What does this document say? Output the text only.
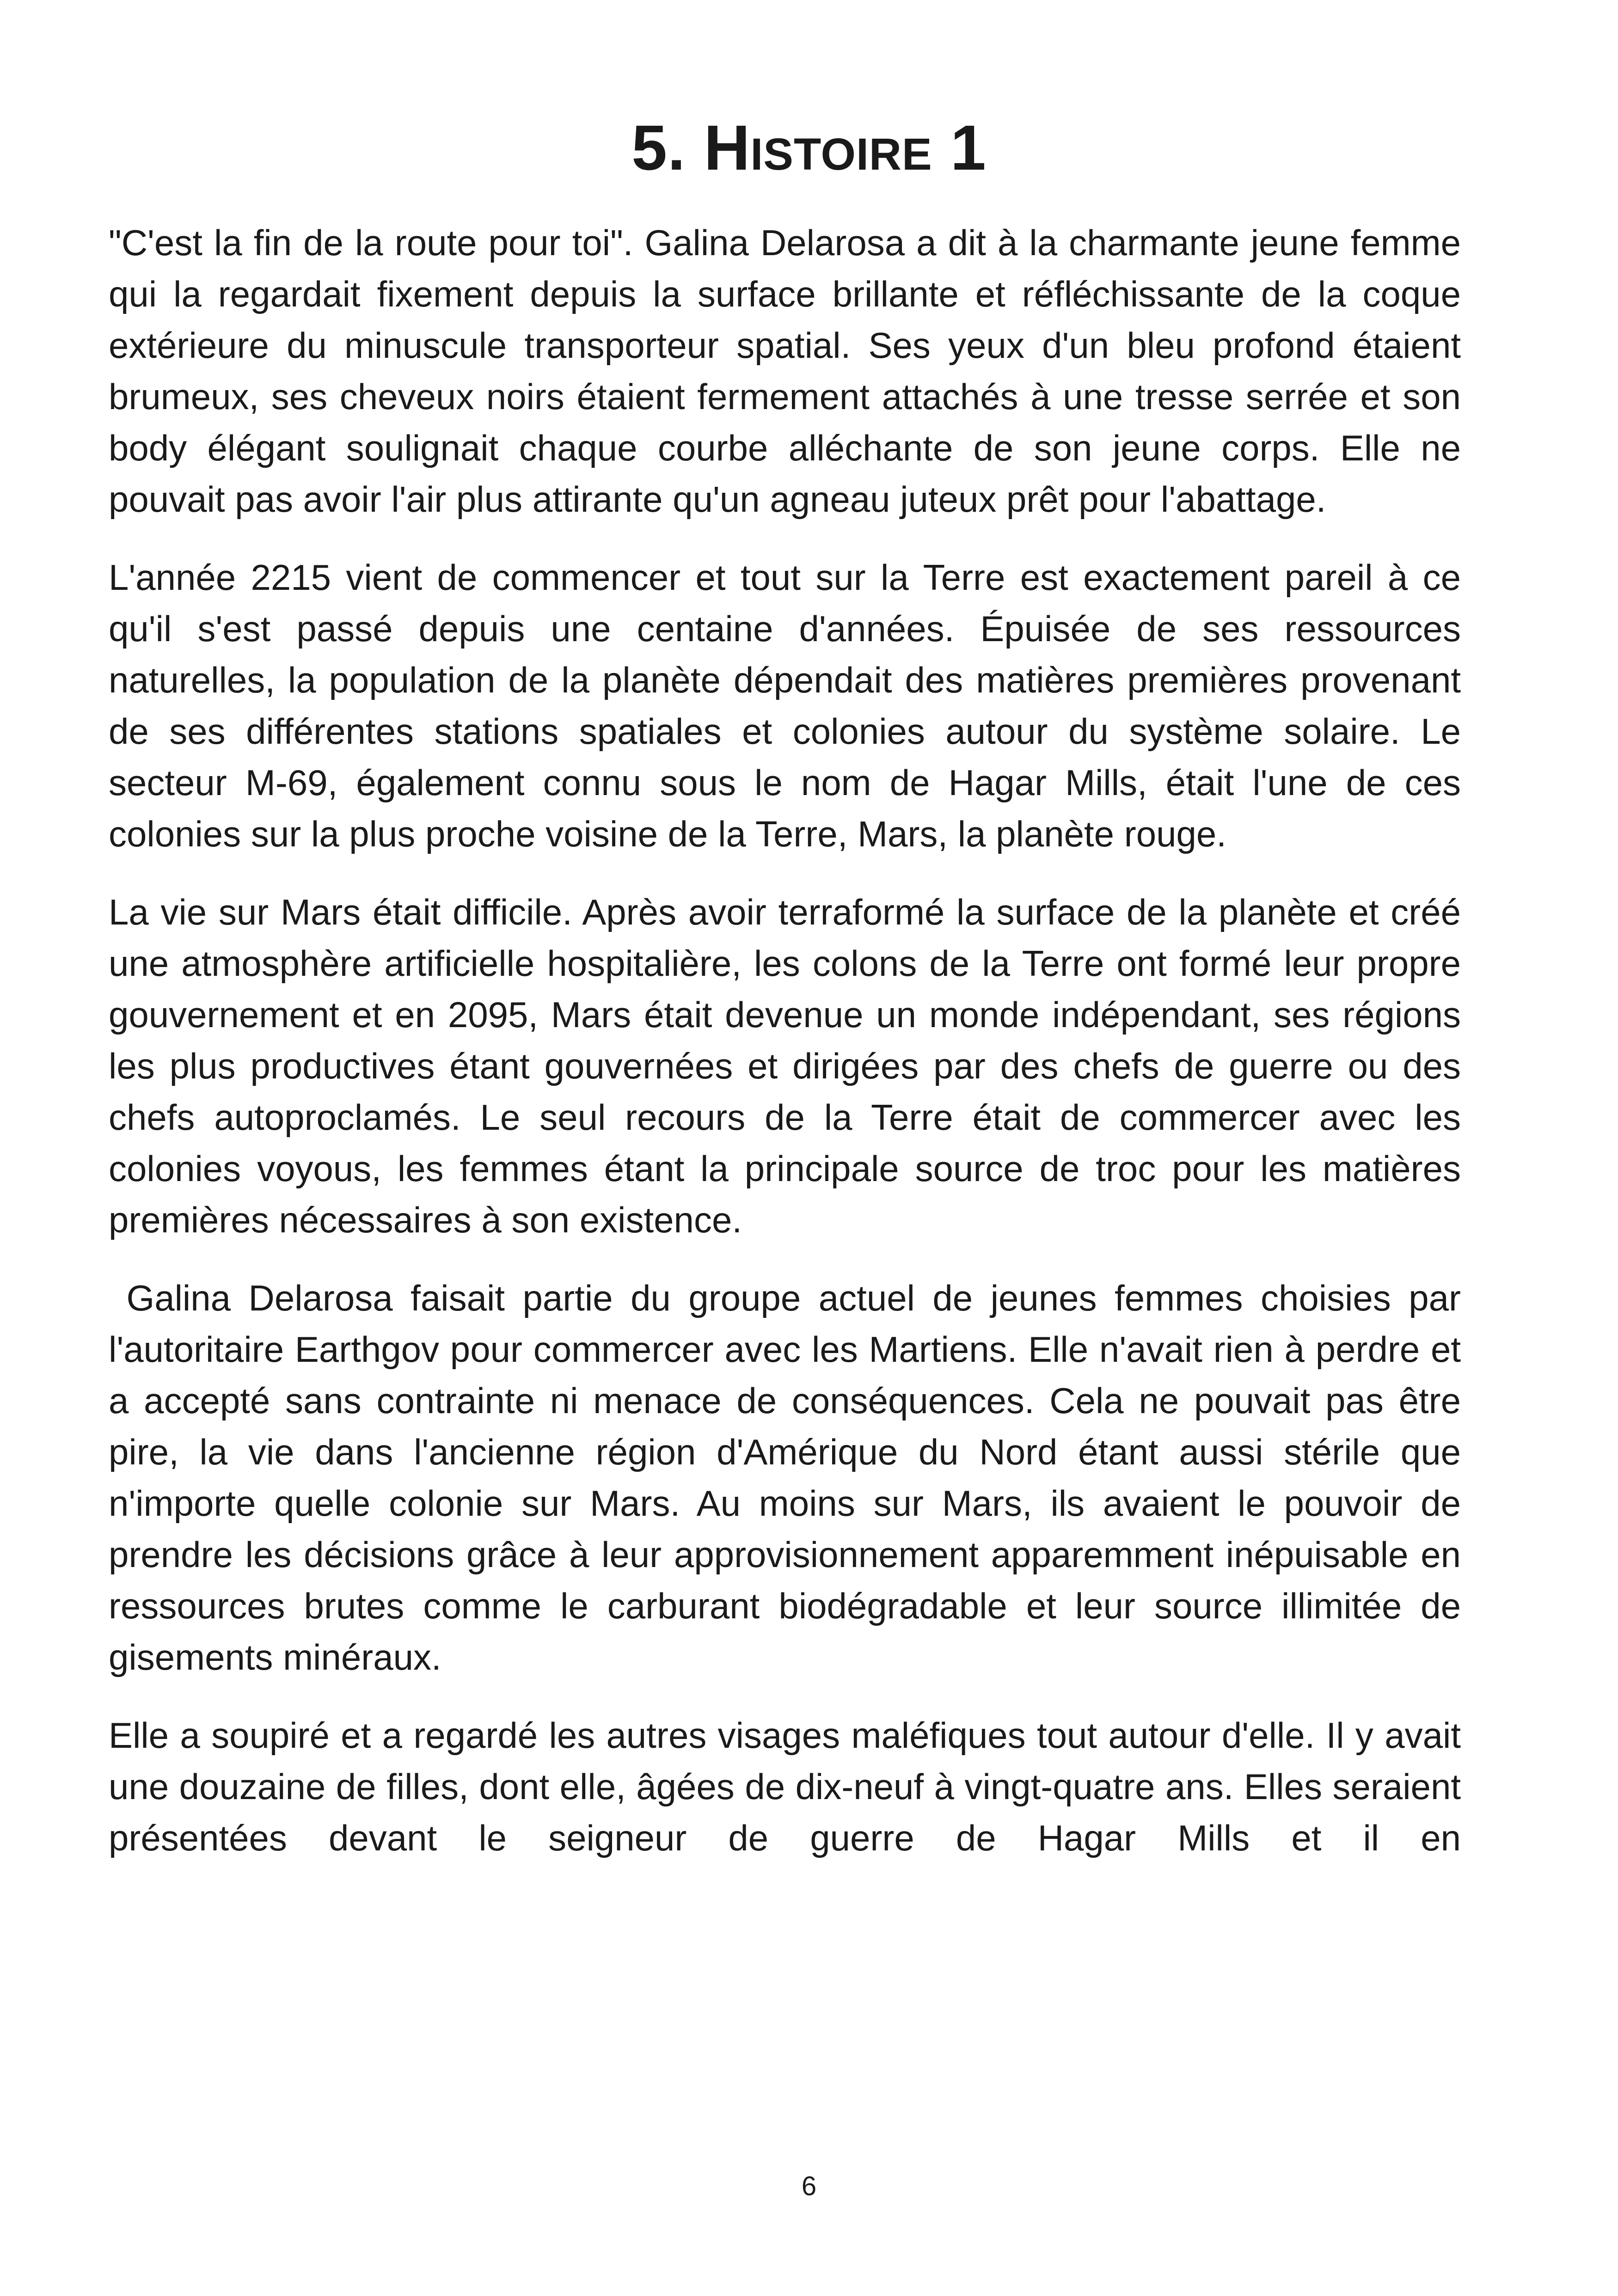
5. Histoire 1

"C'est la fin de la route pour toi". Galina Delarosa a dit à la charmante jeune femme qui la regardait fixement depuis la surface brillante et réfléchissante de la coque extérieure du minuscule transporteur spatial. Ses yeux d'un bleu profond étaient brumeux, ses cheveux noirs étaient fermement attachés à une tresse serrée et son body élégant soulignait chaque courbe alléchante de son jeune corps. Elle ne pouvait pas avoir l'air plus attirante qu'un agneau juteux prêt pour l'abattage.

L'année 2215 vient de commencer et tout sur la Terre est exactement pareil à ce qu'il s'est passé depuis une centaine d'années. Épuisée de ses ressources naturelles, la population de la planète dépendait des matières premières provenant de ses différentes stations spatiales et colonies autour du système solaire. Le secteur M-69, également connu sous le nom de Hagar Mills, était l'une de ces colonies sur la plus proche voisine de la Terre, Mars, la planète rouge.

La vie sur Mars était difficile. Après avoir terraformé la surface de la planète et créé une atmosphère artificielle hospitalière, les colons de la Terre ont formé leur propre gouvernement et en 2095, Mars était devenue un monde indépendant, ses régions les plus productives étant gouvernées et dirigées par des chefs de guerre ou des chefs autoproclamés. Le seul recours de la Terre était de commercer avec les colonies voyous, les femmes étant la principale source de troc pour les matières premières nécessaires à son existence.

Galina Delarosa faisait partie du groupe actuel de jeunes femmes choisies par l'autoritaire Earthgov pour commercer avec les Martiens. Elle n'avait rien à perdre et a accepté sans contrainte ni menace de conséquences. Cela ne pouvait pas être pire, la vie dans l'ancienne région d'Amérique du Nord étant aussi stérile que n'importe quelle colonie sur Mars. Au moins sur Mars, ils avaient le pouvoir de prendre les décisions grâce à leur approvisionnement apparemment inépuisable en ressources brutes comme le carburant biodégradable et leur source illimitée de gisements minéraux.

Elle a soupiré et a regardé les autres visages maléfiques tout autour d'elle. Il y avait une douzaine de filles, dont elle, âgées de dix-neuf à vingt-quatre ans. Elles seraient présentées devant le seigneur de guerre de Hagar Mills et il en

6
